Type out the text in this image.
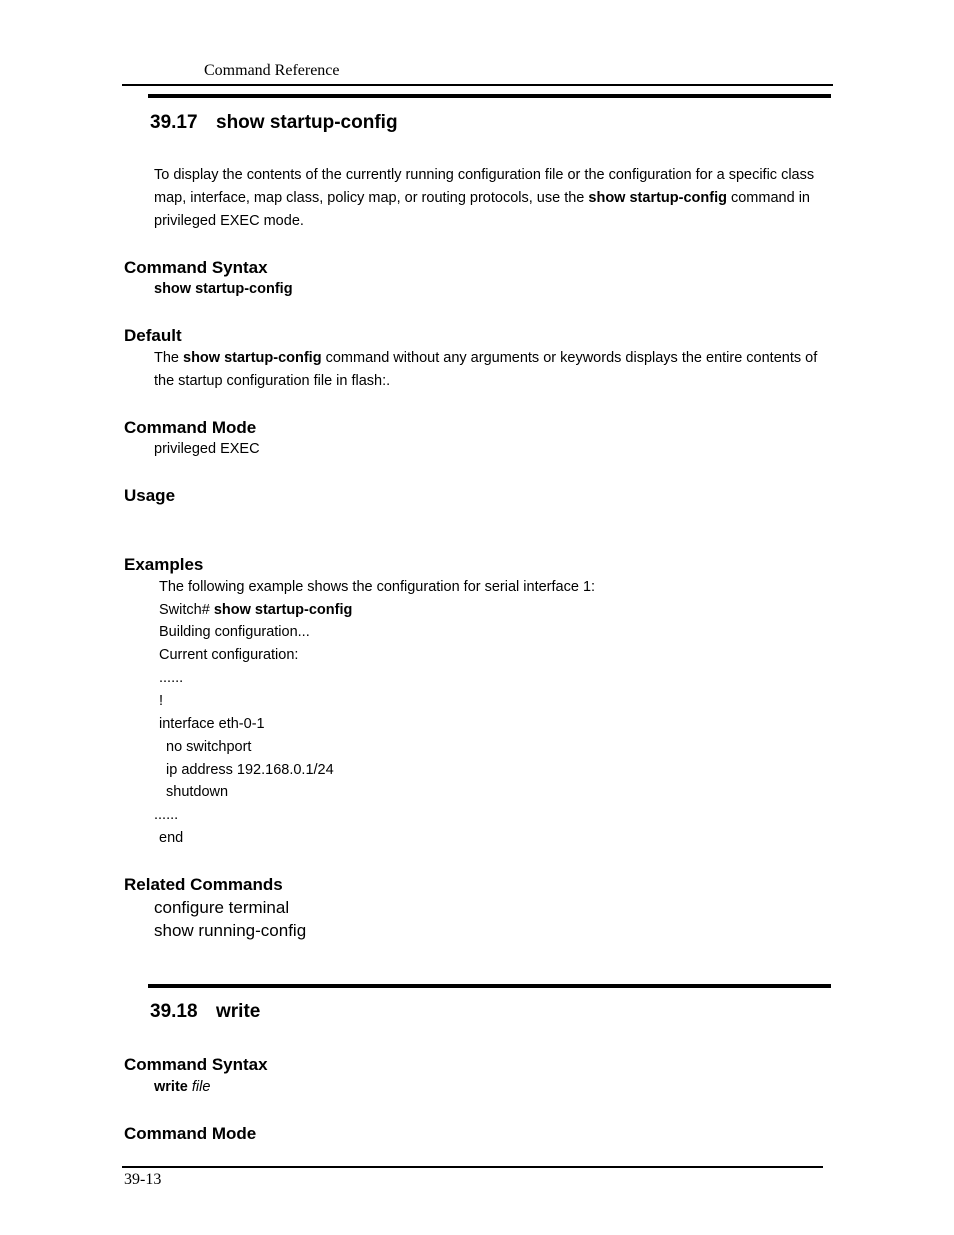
Command Reference
39.17 show startup-config
To display the contents of the currently running configuration file or the configuration for a specific class map, interface, map class, policy map, or routing protocols, use the show startup-config command in privileged EXEC mode.
Command Syntax
show startup-config
Default
The show startup-config command without any arguments or keywords displays the entire contents of
the startup configuration file in flash:.
Command Mode
privileged EXEC
Usage
Examples
The following example shows the configuration for serial interface 1:
Switch# show startup-config
Building configuration...
Current configuration:
......
!
interface eth-0-1
no switchport
ip address 192.168.0.1/24
shutdown
......
end
Related Commands
configure terminal
show running-config
39.18 write
Command Syntax
write file
Command Mode
39-13
